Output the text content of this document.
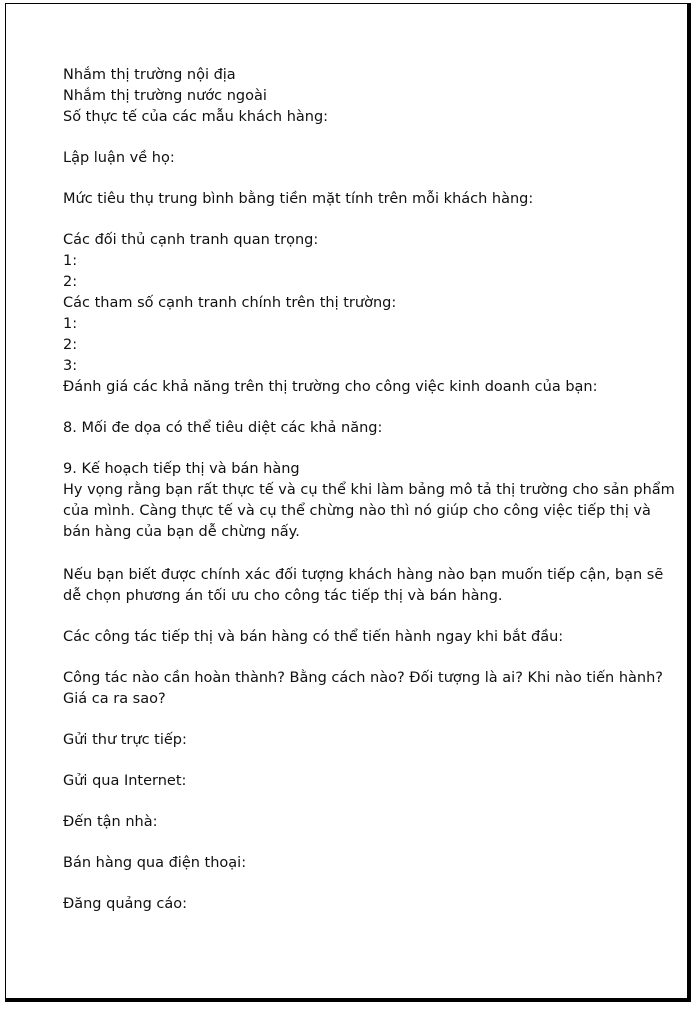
Nhắm thị trường nội địa
Nhắm thị trường nước ngoài
Số thực tế của các mẫu khách hàng:
Lập luận về họ:
Mức tiêu thụ trung bình bằng tiền mặt tính trên mỗi khách hàng:
Các đối thủ cạnh tranh quan trọng:
1:
2:
Các tham số cạnh tranh chính trên thị trường:
1:
2:
3:
Đánh giá các khả năng trên thị trường cho công việc kinh doanh của bạn:
8. Mối đe dọa có thể tiêu diệt các khả năng:
9. Kế hoạch tiếp thị và bán hàng
Hy vọng rằng bạn rất thực tế và cụ thể khi làm bảng mô tả thị trường cho sản phẩm
của mình. Càng thực tế và cụ thể chừng nào thì nó giúp cho công việc tiếp thị và
bán hàng của bạn dễ chừng nấy.
Nếu bạn biết được chính xác đối tượng khách hàng nào bạn muốn tiếp cận, bạn sẽ
dễ chọn phương án tối ưu cho công tác tiếp thị và bán hàng.
Các công tác tiếp thị và bán hàng có thể tiến hành ngay khi bắt đầu:
Công tác nào cần hoàn thành? Bằng cách nào? Đối tượng là ai? Khi nào tiến hành?
Giá ca ra sao?
Gửi thư trực tiếp:
Gửi qua Internet:
Đến tận nhà:
Bán hàng qua điện thoại:
Đăng quảng cáo:
